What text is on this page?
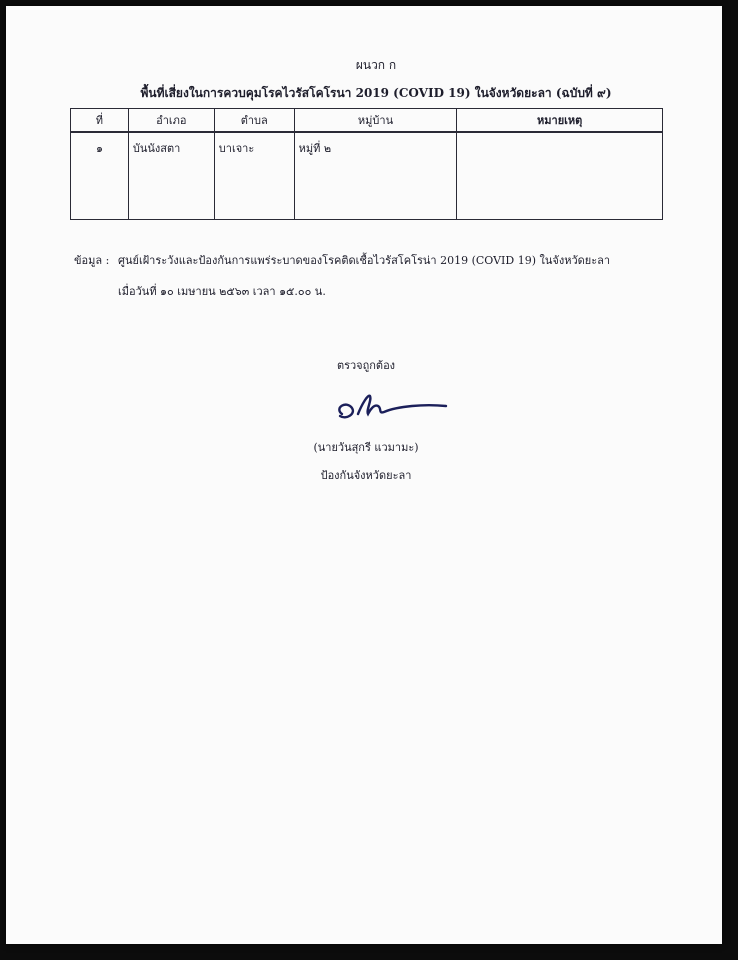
ผนวก ก
พื้นที่เสี่ยงในการควบคุมโรคไวรัสโคโรนา 2019 (COVID 19) ในจังหวัดยะลา (ฉบับที่ ๙)
ที่	อำเภอ	ตำบล	หมู่บ้าน	หมายเหตุ
๑	บันนังสตา	บาเจาะ	หมู่ที่ ๒	
ข้อมูล : ศูนย์เฝ้าระวังและป้องกันการแพร่ระบาดของโรคติดเชื้อไวรัสโคโรน่า 2019 (COVID 19) ในจังหวัดยะลา
เมื่อวันที่ ๑๐ เมษายน ๒๕๖๓ เวลา ๑๕.๐๐ น.
ตรวจถูกต้อง
(นายวันสุกรี แวมามะ)
ป้องกันจังหวัดยะลา
